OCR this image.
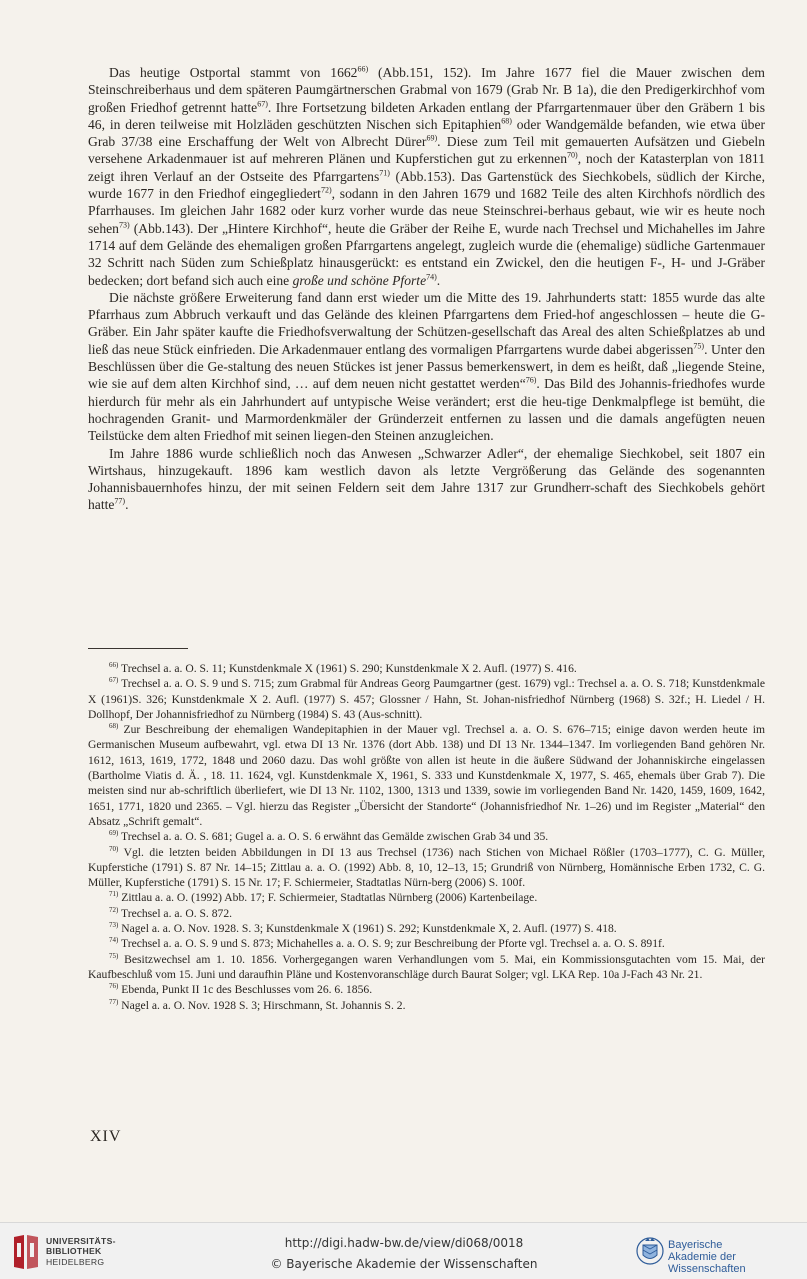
Das heutige Ostportal stammt von 1662$^{66)}$ (Abb.151, 152). Im Jahre 1677 fiel die Mauer zwischen dem Steinschreiberhaus und dem späteren Paumgärtnerschen Grabmal von 1679 (Grab Nr. B 1a), die den Predigerkirchhof vom großen Friedhof getrennt hatte$^{67)}$. Ihre Fortsetzung bildeten Arkaden entlang der Pfarrgartenmauer über den Gräbern 1 bis 46, in deren teilweise mit Holzläden geschützten Nischen sich Epitaphien$^{68)}$ oder Wandgemälde befanden, wie etwa über Grab 37/38 eine Erschaffung der Welt von Albrecht Dürer$^{69)}$. Diese zum Teil mit gemauerten Aufsätzen und Giebeln versehene Arkadenmauer ist auf mehreren Plänen und Kupferstichen gut zu erkennen$^{70)}$, noch der Katasterplan von 1811 zeigt ihren Verlauf an der Ostseite des Pfarrgartens$^{71)}$ (Abb.153). Das Gartenstück des Siechkobels, südlich der Kirche, wurde 1677 in den Friedhof eingegliedert$^{72)}$, sodann in den Jahren 1679 und 1682 Teile des alten Kirchhofs nördlich des Pfarrhauses. Im gleichen Jahr 1682 oder kurz vorher wurde das neue Steinschrei-berhaus gebaut, wie wir es heute noch sehen$^{73)}$ (Abb.143). Der „Hintere Kirchhof“, heute die Gräber der Reihe E, wurde nach Trechsel und Michahelles im Jahre 1714 auf dem Gelände des ehemaligen großen Pfarrgartens angelegt, zugleich wurde die (ehemalige) südliche Gartenmauer 32 Schritt nach Süden zum Schießplatz hinausgerückt: es entstand ein Zwickel, den die heutigen F-, H- und J-Gräber bedecken; dort befand sich auch eine große und schöne Pforte$^{74)}$.

Die nächste größere Erweiterung fand dann erst wieder um die Mitte des 19. Jahrhunderts statt: 1855 wurde das alte Pfarrhaus zum Abbruch verkauft und das Gelände des kleinen Pfarrgartens dem Fried-hof angeschlossen – heute die G-Gräber. Ein Jahr später kaufte die Friedhofsverwaltung der Schützen-gesellschaft das Areal des alten Schießplatzes ab und ließ das neue Stück einfrieden. Die Arkadenmauer entlang des vormaligen Pfarrgartens wurde dabei abgerissen$^{75)}$. Unter den Beschlüssen über die Ge-staltung des neuen Stückes ist jener Passus bemerkenswert, in dem es heißt, daß „liegende Steine, wie sie auf dem alten Kirchhof sind, … auf dem neuen nicht gestattet werden“$^{76)}$. Das Bild des Johannis-friedhofes wurde hierdurch für mehr als ein Jahrhundert auf untypische Weise verändert; erst die heu-tige Denkmalpflege ist bemüht, die hochragenden Granit- und Marmordenkmäler der Gründerzeit entfernen zu lassen und die damals angefügten neuen Teilstücke dem alten Friedhof mit seinen liegen-den Steinen anzugleichen.

Im Jahre 1886 wurde schließlich noch das Anwesen „Schwarzer Adler“, der ehemalige Siechkobel, seit 1807 ein Wirtshaus, hinzugekauft. 1896 kam westlich davon als letzte Vergrößerung das Gelände des sogenannten Johannisbauernhofes hinzu, der mit seinen Feldern seit dem Jahre 1317 zur Grundherr-schaft des Siechkobels gehört hatte$^{77)}$.

$^{66)}$ Trechsel a. a. O. S. 11; Kunstdenkmale X (1961) S. 290; Kunstdenkmale X 2. Aufl. (1977) S. 416.

$^{67)}$ Trechsel a. a. O. S. 9 und S. 715; zum Grabmal für Andreas Georg Paumgartner (gest. 1679) vgl.: Trechsel a. a. O. S. 718; Kunstdenkmale X (1961)S. 326; Kunstdenkmale X 2. Aufl. (1977) S. 457; Glossner / Hahn, St. Johan-nisfriedhof Nürnberg (1968) S. 32f.; H. Liedel / H. Dollhopf, Der Johannisfriedhof zu Nürnberg (1984) S. 43 (Aus-schnitt).

$^{68)}$ Zur Beschreibung der ehemaligen Wandepitaphien in der Mauer vgl. Trechsel a. a. O. S. 676–715; einige davon werden heute im Germanischen Museum aufbewahrt, vgl. etwa DI 13 Nr. 1376 (dort Abb. 138) und DI 13 Nr. 1344–1347. Im vorliegenden Band gehören Nr. 1612, 1613, 1619, 1772, 1848 und 2060 dazu. Das wohl größte von allen ist heute in die äußere Südwand der Johanniskirche eingelassen (Bartholme Viatis d. Ä. , 18. 11. 1624, vgl. Kunstdenkmale X, 1961, S. 333 und Kunstdenkmale X, 1977, S. 465, ehemals über Grab 7). Die meisten sind nur ab-schriftlich überliefert, wie DI 13 Nr. 1102, 1300, 1313 und 1339, sowie im vorliegenden Band Nr. 1420, 1459, 1609, 1642, 1651, 1771, 1820 und 2365. – Vgl. hierzu das Register „Übersicht der Standorte“ (Johannisfriedhof Nr. 1–26) und im Register „Material“ den Absatz „Schrift gemalt“.

$^{69)}$ Trechsel a. a. O. S. 681; Gugel a. a. O. S. 6 erwähnt das Gemälde zwischen Grab 34 und 35.

$^{70)}$ Vgl. die letzten beiden Abbildungen in DI 13 aus Trechsel (1736) nach Stichen von Michael Rößler (1703–1777), C. G. Müller, Kupferstiche (1791) S. 87 Nr. 14–15; Zittlau a. a. O. (1992) Abb. 8, 10, 12–13, 15; Grundriß von Nürnberg, Homännische Erben 1732, C. G. Müller, Kupferstiche (1791) S. 15 Nr. 17; F. Schiermeier, Stadtatlas Nürn-berg (2006) S. 100f.

$^{71)}$ Zittlau a. a. O. (1992) Abb. 17; F. Schiermeier, Stadtatlas Nürnberg (2006) Kartenbeilage.

$^{72)}$ Trechsel a. a. O. S. 872.

$^{73)}$ Nagel a. a. O. Nov. 1928. S. 3; Kunstdenkmale X (1961) S. 292; Kunstdenkmale X, 2. Aufl. (1977) S. 418.

$^{74)}$ Trechsel a. a. O. S. 9 und S. 873; Michahelles a. a. O. S. 9; zur Beschreibung der Pforte vgl. Trechsel a. a. O. S. 891f.

$^{75)}$ Besitzwechsel am 1. 10. 1856. Vorhergegangen waren Verhandlungen vom 5. Mai, ein Kommissionsgutachten vom 15. Mai, der Kaufbeschluß vom 15. Juni und daraufhin Pläne und Kostenvoranschläge durch Baurat Solger; vgl. LKA Rep. 10a J-Fach 43 Nr. 21.

$^{76)}$ Ebenda, Punkt II 1c des Beschlusses vom 26. 6. 1856.

$^{77)}$ Nagel a. a. O. Nov. 1928 S. 3; Hirschmann, St. Johannis S. 2.

XIV
UNIVERSITÄTS-
BIBLIOTHEK
HEIDELBERG
http://digi.hadw-bw.de/view/di068/0018
© Bayerische Akademie der Wissenschaften
Bayerische
Akademie der Wissenschaften
